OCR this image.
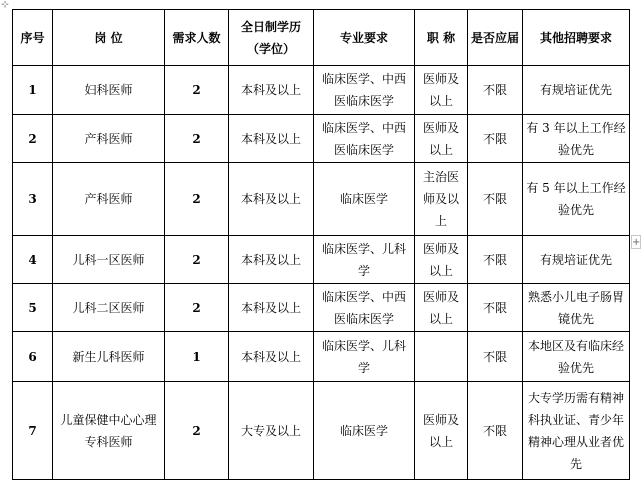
⊹
序号	岗 位	需求人数	全日制学历（学位）	专业要求	职 称	是否应届	其他招聘要求
1	妇科医师	2	本科及以上	临床医学、中西医临床医学	医师及以上	不限	有规培证优先
2	产科医师	2	本科及以上	临床医学、中西医临床医学	医师及以上	不限	有 3 年以上工作经验优先
3	产科医师	2	本科及以上	临床医学	主治医师及以上	不限	有 5 年以上工作经验优先
4	儿科一区医师	2	本科及以上	临床医学、儿科学	医师及以上	不限	有规培证优先
5	儿科二区医师	2	本科及以上	临床医学、中西医临床医学	医师及以上	不限	熟悉小儿电子肠胃镜优先
6	新生儿科医师	1	本科及以上	临床医学、儿科学		不限	本地区及有临床经验优先
7	儿童保健中心心理专科医师	2	大专及以上	临床医学	医师及以上	不限	大专学历需有精神科执业证、青少年精神心理从业者优先
+
